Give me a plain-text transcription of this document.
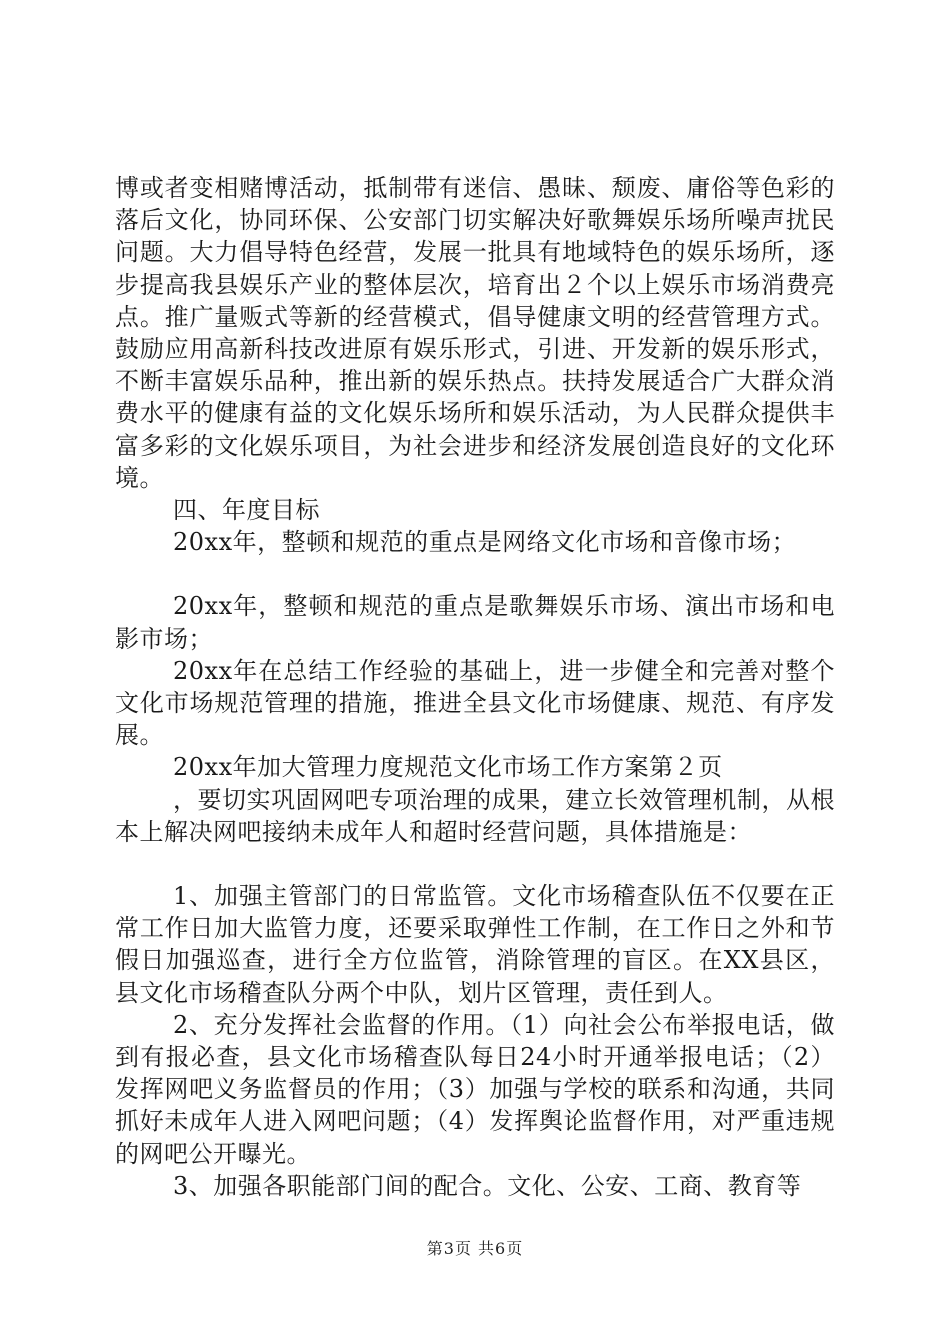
博或者变相赌博活动，抵制带有迷信、愚昧、颓废、庸俗等色彩的落后文化，协同环保、公安部门切实解决好歌舞娱乐场所噪声扰民问题。大力倡导特色经营，发展一批具有地域特色的娱乐场所，逐步提高我县娱乐产业的整体层次，培育出２个以上娱乐市场消费亮点。推广量贩式等新的经营模式，倡导健康文明的经营管理方式。鼓励应用高新科技改进原有娱乐形式，引进、开发新的娱乐形式，不断丰富娱乐品种，推出新的娱乐热点。扶持发展适合广大群众消费水平的健康有益的文化娱乐场所和娱乐活动，为人民群众提供丰富多彩的文化娱乐项目，为社会进步和经济发展创造良好的文化环境。

四、年度目标

20xx年，整顿和规范的重点是网络文化市场和音像市场；

20xx年，整顿和规范的重点是歌舞娱乐市场、演出市场和电影市场；

20xx年在总结工作经验的基础上，进一步健全和完善对整个文化市场规范管理的措施，推进全县文化市场健康、规范、有序发展。

20xx年加大管理力度规范文化市场工作方案第２页

，要切实巩固网吧专项治理的成果，建立长效管理机制，从根本上解决网吧接纳未成年人和超时经营问题，具体措施是：

1、加强主管部门的日常监管。文化市场稽查队伍不仅要在正常工作日加大监管力度，还要采取弹性工作制，在工作日之外和节假日加强巡查，进行全方位监管，消除管理的盲区。在XX县区，县文化市场稽查队分两个中队，划片区管理，责任到人。

2、充分发挥社会监督的作用。（1）向社会公布举报电话，做到有报必查，县文化市场稽查队每日24小时开通举报电话；（2）发挥网吧义务监督员的作用；（3）加强与学校的联系和沟通，共同抓好未成年人进入网吧问题；（4）发挥舆论监督作用，对严重违规的网吧公开曝光。

3、加强各职能部门间的配合。文化、公安、工商、教育等

第3页 共6页
